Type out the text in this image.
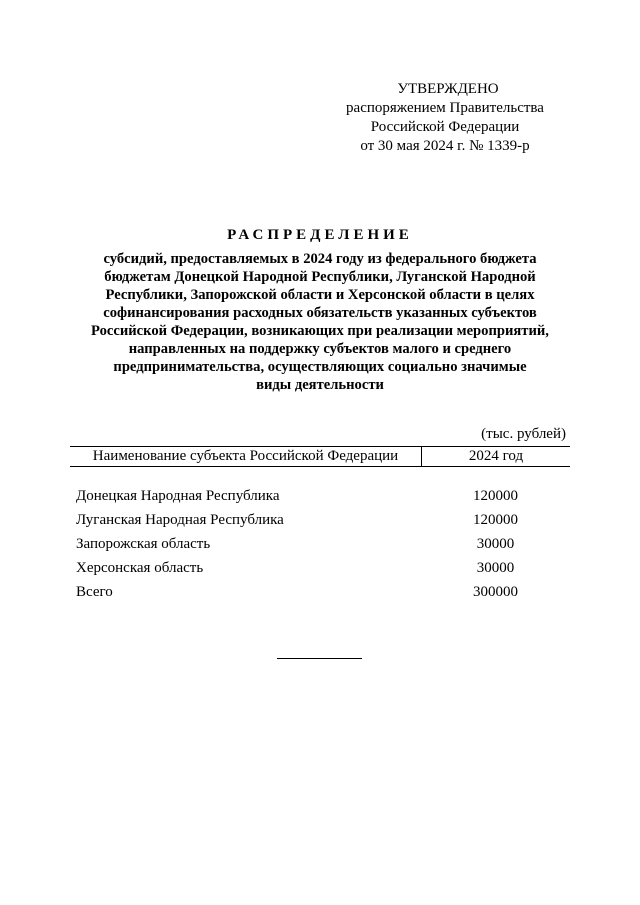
УТВЕРЖДЕНО
распоряжением Правительства
Российской Федерации
от 30 мая 2024 г. № 1339-р
РАСПРЕДЕЛЕНИЕ
субсидий, предоставляемых в 2024 году из федерального бюджета
бюджетам Донецкой Народной Республики, Луганской Народной
Республики, Запорожской области и Херсонской области в целях
софинансирования расходных обязательств указанных субъектов
Российской Федерации, возникающих при реализации мероприятий,
направленных на поддержку субъектов малого и среднего
предпринимательства, осуществляющих социально значимые
виды деятельности
(тыс. рублей)
Наименование субъекта Российской Федерации	2024 год
Донецкая Народная Республика	120000
Луганская Народная Республика	120000
Запорожская область	30000
Херсонская область	30000
Всего	300000
